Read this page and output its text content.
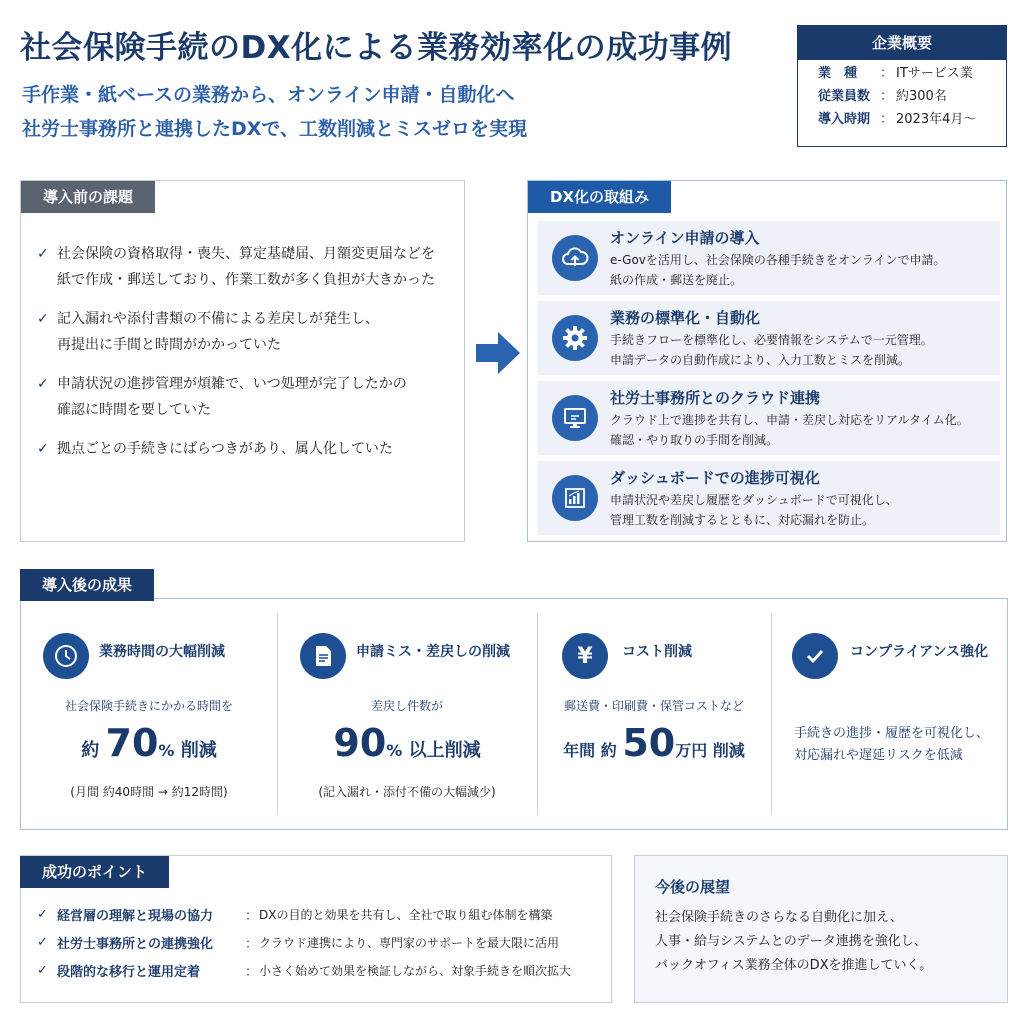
社会保険手続のDX化による業務効率化の成功事例
手作業・紙ベースの業務から、オンライン申請・自動化へ
社労士事務所と連携したDXで、工数削減とミスゼロを実現
企業概要
業　種	： ITサービス業
従業員数 ： 約300名
導入時期 ： 2023年4月〜
導入前の課題
✓ 社会保険の資格取得・喪失、算定基礎届、月額変更届などを
紙で作成・郵送しており、作業工数が多く負担が大きかった
✓ 記入漏れや添付書類の不備による差戻しが発生し、
再提出に手間と時間がかかっていた
✓ 申請状況の進捗管理が煩雑で、いつ処理が完了したかの
確認に時間を要していた
✓ 拠点ごとの手続きにばらつきがあり、属人化していた
DX化の取組み
オンライン申請の導入
e-Govを活用し、社会保険の各種手続きをオンラインで申請。
紙の作成・郵送を廃止。
業務の標準化・自動化
手続きフローを標準化し、必要情報をシステムで一元管理。
申請データの自動作成により、入力工数とミスを削減。
社労士事務所とのクラウド連携
クラウド上で進捗を共有し、申請・差戻し対応をリアルタイム化。
確認・やり取りの手間を削減。
ダッシュボードでの進捗可視化
申請状況や差戻し履歴をダッシュボードで可視化し、
管理工数を削減するとともに、対応漏れを防止。
導入後の成果
業務時間の大幅削減
社会保険手続きにかかる時間を
約 70% 削減
(月間 約40時間 → 約12時間)
申請ミス・差戻しの削減
差戻し件数が
90% 以上削減
(記入漏れ・添付不備の大幅減少)
¥ コスト削減
郵送費・印刷費・保管コストなど
年間 約 50万円 削減
コンプライアンス強化
手続きの進捗・履歴を可視化し、
対応漏れや遅延リスクを低減
成功のポイント
✓ 経営層の理解と現場の協力	： DXの目的と効果を共有し、全社で取り組む体制を構築
✓ 社労士事務所との連携強化	： クラウド連携により、専門家のサポートを最大限に活用
✓ 段階的な移行と運用定着	： 小さく始めて効果を検証しながら、対象手続きを順次拡大
今後の展望
社会保険手続きのさらなる自動化に加え、
人事・給与システムとのデータ連携を強化し、
バックオフィス業務全体のDXを推進していく。
